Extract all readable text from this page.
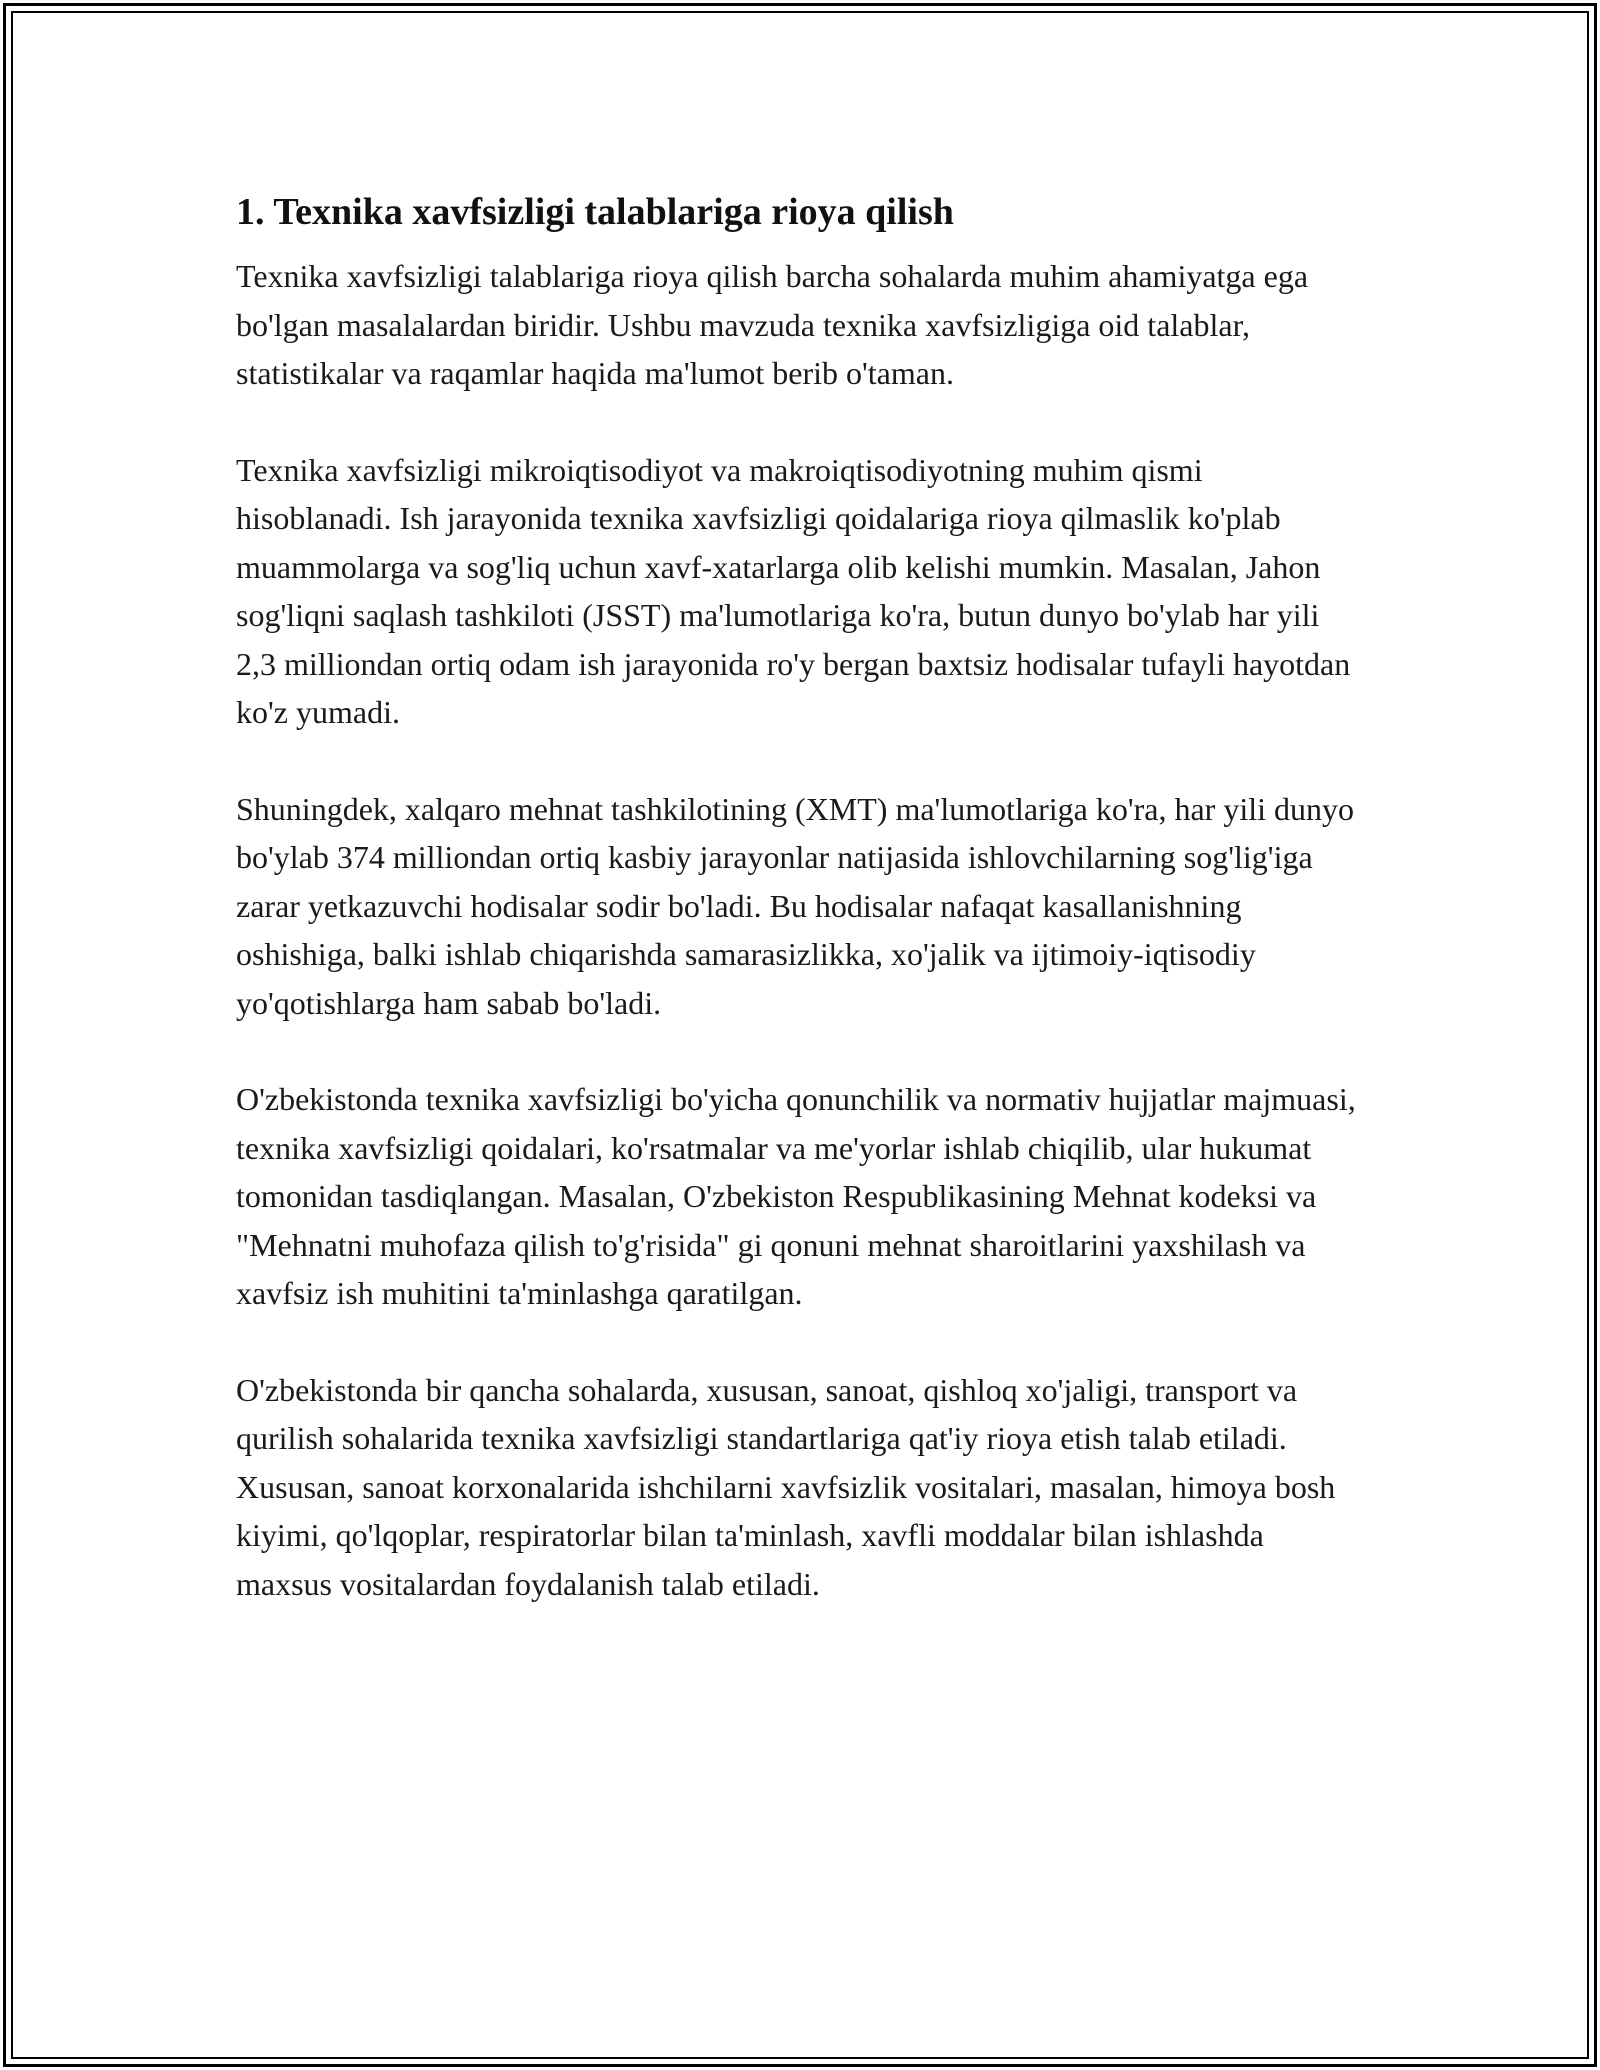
1. Texnika xavfsizligi talablariga rioya qilish

Texnika xavfsizligi talablariga rioya qilish barcha sohalarda muhim ahamiyatga ega bo'lgan masalalardan biridir. Ushbu mavzuda texnika xavfsizligiga oid talablar, statistikalar va raqamlar haqida ma'lumot berib o'taman.

Texnika xavfsizligi mikroiqtisodiyot va makroiqtisodiyotning muhim qismi hisoblanadi. Ish jarayonida texnika xavfsizligi qoidalariga rioya qilmaslik ko'plab muammolarga va sog'liq uchun xavf-xatarlarga olib kelishi mumkin. Masalan, Jahon sog'liqni saqlash tashkiloti (JSST) ma'lumotlariga ko'ra, butun dunyo bo'ylab har yili 2,3 milliondan ortiq odam ish jarayonida ro'y bergan baxtsiz hodisalar tufayli hayotdan ko'z yumadi.

Shuningdek, xalqaro mehnat tashkilotining (XMT) ma'lumotlariga ko'ra, har yili dunyo bo'ylab 374 milliondan ortiq kasbiy jarayonlar natijasida ishlovchilarning sog'lig'iga zarar yetkazuvchi hodisalar sodir bo'ladi. Bu hodisalar nafaqat kasallanishning oshishiga, balki ishlab chiqarishda samarasizlikka, xo'jalik va ijtimoiy-iqtisodiy yo'qotishlarga ham sabab bo'ladi.

O'zbekistonda texnika xavfsizligi bo'yicha qonunchilik va normativ hujjatlar majmuasi, texnika xavfsizligi qoidalari, ko'rsatmalar va me'yorlar ishlab chiqilib, ular hukumat tomonidan tasdiqlangan. Masalan, O'zbekiston Respublikasining Mehnat kodeksi va "Mehnatni muhofaza qilish to'g'risida" gi qonuni mehnat sharoitlarini yaxshilash va xavfsiz ish muhitini ta'minlashga qaratilgan.

O'zbekistonda bir qancha sohalarda, xususan, sanoat, qishloq xo'jaligi, transport va qurilish sohalarida texnika xavfsizligi standartlariga qat'iy rioya etish talab etiladi. Xususan, sanoat korxonalarida ishchilarni xavfsizlik vositalari, masalan, himoya bosh kiyimi, qo'lqoplar, respiratorlar bilan ta'minlash, xavfli moddalar bilan ishlashda maxsus vositalardan foydalanish talab etiladi.
